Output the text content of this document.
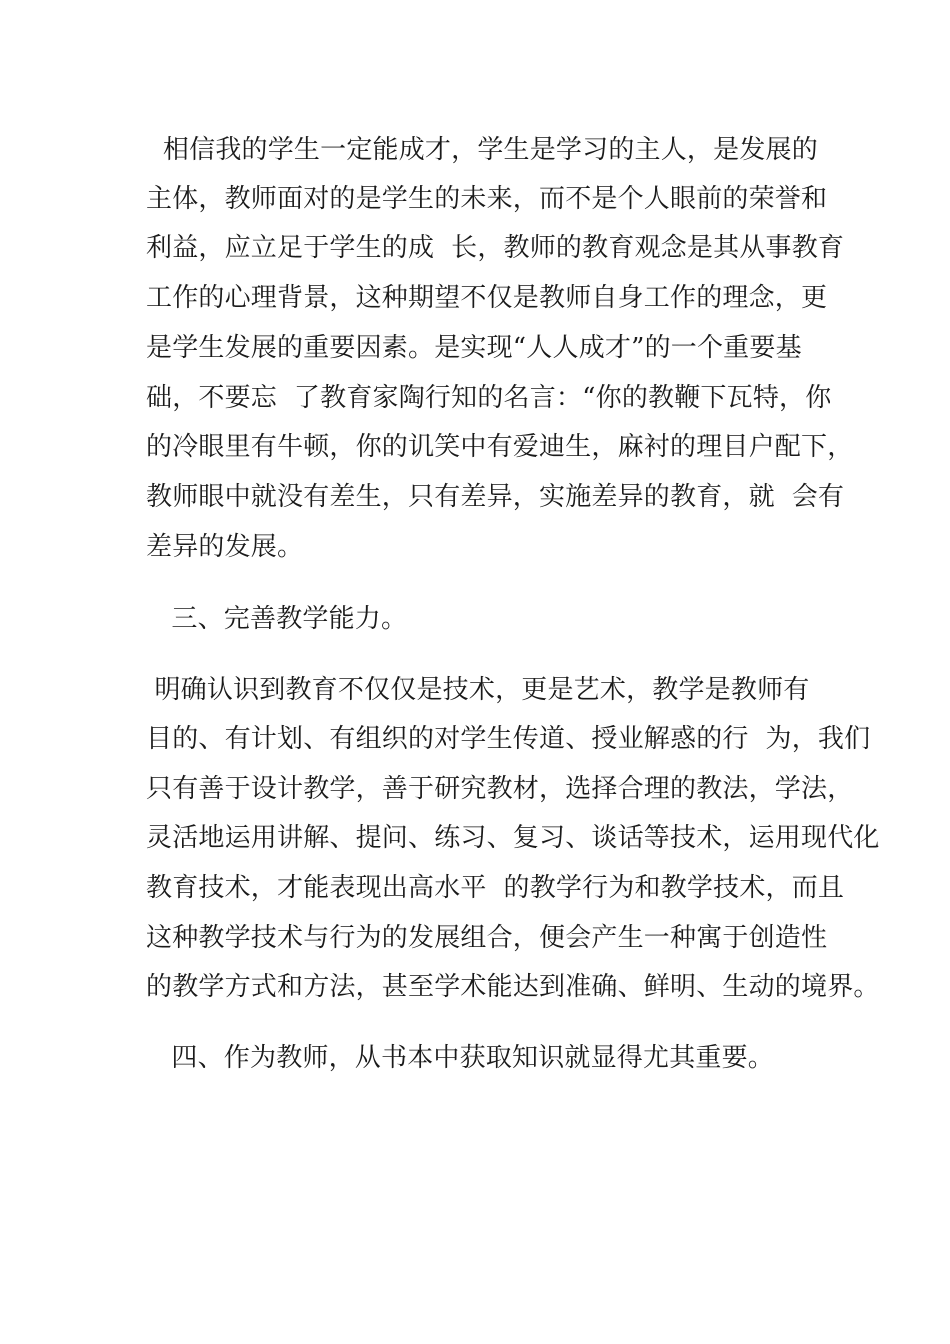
相信我的学生一定能成才，学生是学习的主人，是发展的
主体，教师面对的是学生的未来，而不是个人眼前的荣誉和
利益，应立足于学生的成  长，教师的教育观念是其从事教育
工作的心理背景，这种期望不仅是教师自身工作的理念，更
是学生发展的重要因素。是实现“人人成才”的一个重要基
础，不要忘  了教育家陶行知的名言：“你的教鞭下瓦特，你
的冷眼里有牛顿，你的讥笑中有爱迪生，麻衬的理目户配下，
教师眼中就没有差生，只有差异，实施差异的教育，就  会有
差异的发展。
三、完善教学能力。
明确认识到教育不仅仅是技术，更是艺术，教学是教师有
目的、有计划、有组织的对学生传道、授业解惑的行  为，我们
只有善于设计教学，善于研究教材，选择合理的教法，学法，
灵活地运用讲解、提问、练习、复习、谈话等技术，运用现代化
教育技术，才能表现出高水平  的教学行为和教学技术，而且
这种教学技术与行为的发展组合，便会产生一种寓于创造性
的教学方式和方法，甚至学术能达到准确、鲜明、生动的境界。
四、作为教师，从书本中获取知识就显得尤其重要。
